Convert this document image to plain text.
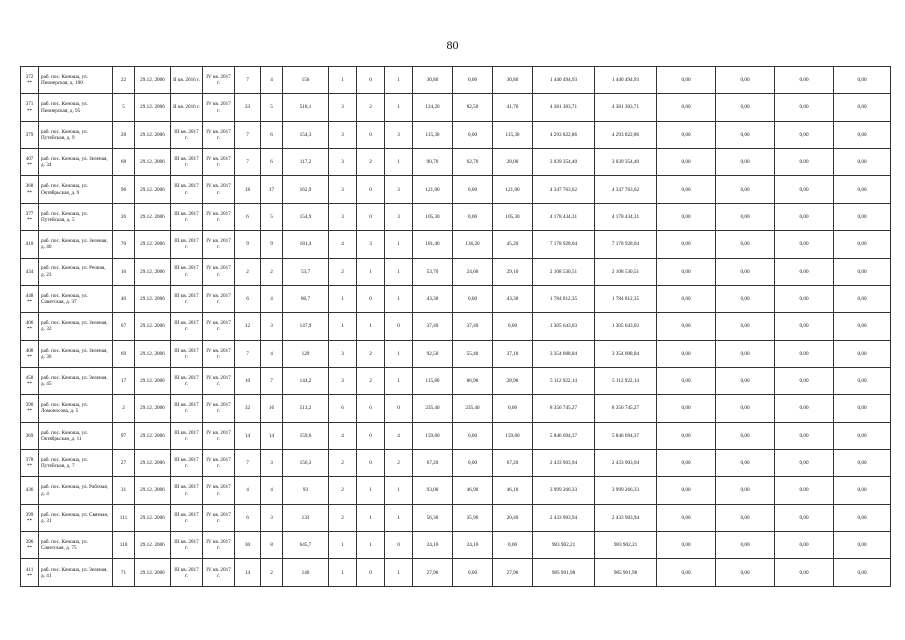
80
372
**	раб. пос. Коноша, ул. Пионерская, д. 100	22	29.12. 2006	II кв. 2016 г.	IV кв. 2017 г.	7	4	150	1	0	1	30,80	0,00	30,80	1 440 494,93	1 440 494,93	0,00	0,00	0,00	0,00

371
**	раб. пос. Коноша, ул. Пионерская, д. 95	5	29.12. 2006	II кв. 2016 г.	IV кв. 2017 г.	33	5	518,1	3	2	1	124,20	82,50	41,70	4 381 303,71	4 381 303,71	0,00	0,00	0,00	0,00

379	раб. пос. Коноша, ул. Путейская, д. 9	28	29.12. 2006	III кв. 2017 г.	IV кв. 2017 г.	7	6	154,3	3	0	3	115,30	0,00	115,30	4 293 822,86	4 293 822,86	0,00	0,00	0,00	0,00

407
**	раб. пос. Коноша, ул. Зеленая, д. 34	68	29.12. 2006	III кв. 2017 г.	IV кв. 2017 г.	7	6	117,2	3	2	1	90,70	62,70	28,00	3 039 354,40	3 039 354,40	0,00	0,00	0,00	0,00

368
**	раб. пос. Коноша, ул. Октябрьская, д. 9	96	29.12. 2006	III кв. 2017 г.	IV кв. 2017 г.	18	17	162,9	3	0	3	121,00	0,00	121,00	4 347 763,62	4 347 763,62	0,00	0,00	0,00	0,00

377
**	раб. пос. Коноша, ул. Путейская, д. 5	26	29.12. 2006	III кв. 2017 г.	IV кв. 2017 г.	6	5	154,9	3	0	3	105,30	0,00	105,30	4 178 434,31	4 178 434,31	0,00	0,00	0,00	0,00

410	раб. пос. Коноша, ул. Зеленая, д. 40	70	29.12. 2006	III кв. 2017 г.	IV кв. 2017 г.	9	9	181,4	4	3	1	181,40	136,20	45,20	7 178 928,04	7 178 928,04	0,00	0,00	0,00	0,00

434	раб. пос. Коноша, ул. Речная, д. 23	16	29.12. 2006	III кв. 2017 г.	IV кв. 2017 г.	2	2	53,7	2	1	1	53,70	24,60	29,10	2 108 530,51	2 108 530,51	0,00	0,00	0,00	0,00

448
**	раб. пос. Коноша, ул. Советская, д. 37	40	29.12. 2006	III кв. 2017 г.	IV кв. 2017 г.	6	4	86,7	1	0	1	43,30	0,00	43,30	1 784 812,35	1 784 812,35	0,00	0,00	0,00	0,00

406
**	раб. пос. Коноша, ул. Зеленая, д. 32	67	29.12. 2006	III кв. 2017 г.	IV кв. 2017 г.	12	3	147,9	1	1	0	37,40	37,40	0,00	1 305 643,03	1 305 643,03	0,00	0,00	0,00	0,00

408
**	раб. пос. Коноша, ул. Зеленая, д. 36	69	29.12. 2006	III кв. 2017 г.	IV кв. 2017 г.	7	4	129	3	2	1	92,50	55,40	37,10	3 354 008,84	3 354 008,84	0,00	0,00	0,00	0,00

458
**	раб. пос. Коноша, ул. Зеленая, д. 45	17	29.12. 2006	III кв. 2017 г.	IV кв. 2017 г.	10	7	144,2	3	2	1	115,80	86,90	28,90	5 112 922,14	5 112 922,14	0,00	0,00	0,00	0,00

390
**	раб. пос. Коноша, ул. Ломоносова, д. 5	2	29.12. 2006	III кв. 2017 г.	IV кв. 2017 г.	32	16	513,2	6	6	0	235,40	235,40	0,00	8 356 745,27	8 356 745,27	0,00	0,00	0,00	0,00

369	раб. пос. Коноша, ул. Октябрьская, д. 11	97	29.12. 2006	III кв. 2017 г.	IV кв. 2017 г.	14	14	159,6	4	0	4	159,60	0,00	159,60	5 846 694,37	5 846 694,37	0,00	0,00	0,00	0,00

378
**	раб. пос. Коноша, ул. Путейская, д. 7	27	29.12. 2006	III кв. 2017 г.	IV кв. 2017 г.	7	3	156,3	2	0	2	67,20	0,00	67,20	2 433 903,94	2 433 903,94	0,00	0,00	0,00	0,00

436	раб. пос. Коноша, ул. Рабочая, д. 4	31	29.12. 2006	III кв. 2017 г.	IV кв. 2017 г.	4	4	93	2	1	1	93,00	46,90	46,10	3 999 266,33	3 999 266,33	0,00	0,00	0,00	0,00

399
**	раб. пос. Коноша, ул. Связная, д. 31	111	29.12. 2006	III кв. 2017 г.	IV кв. 2017 г.	6	3	133	2	1	1	56,30	35,90	20,40	2 433 903,94	2 433 903,94	0,00	0,00	0,00	0,00

396
**	раб. пос. Коноша, ул. Советская, д. 75	110	29.12. 2006	III кв. 2017 г.	IV кв. 2017 г.	30	8	645,7	1	1	0	24,10	24,10	0,00	983 902,21	983 902,21	0,00	0,00	0,00	0,00

411
**	раб. пос. Коноша, ул. Зеленая, д. 41	71	29.12. 2006	III кв. 2017 г.	IV кв. 2017 г.	14	2	140	1	0	1	27,90	0,00	27,90	985 901,98	985 901,98	0,00	0,00	0,00	0,00
